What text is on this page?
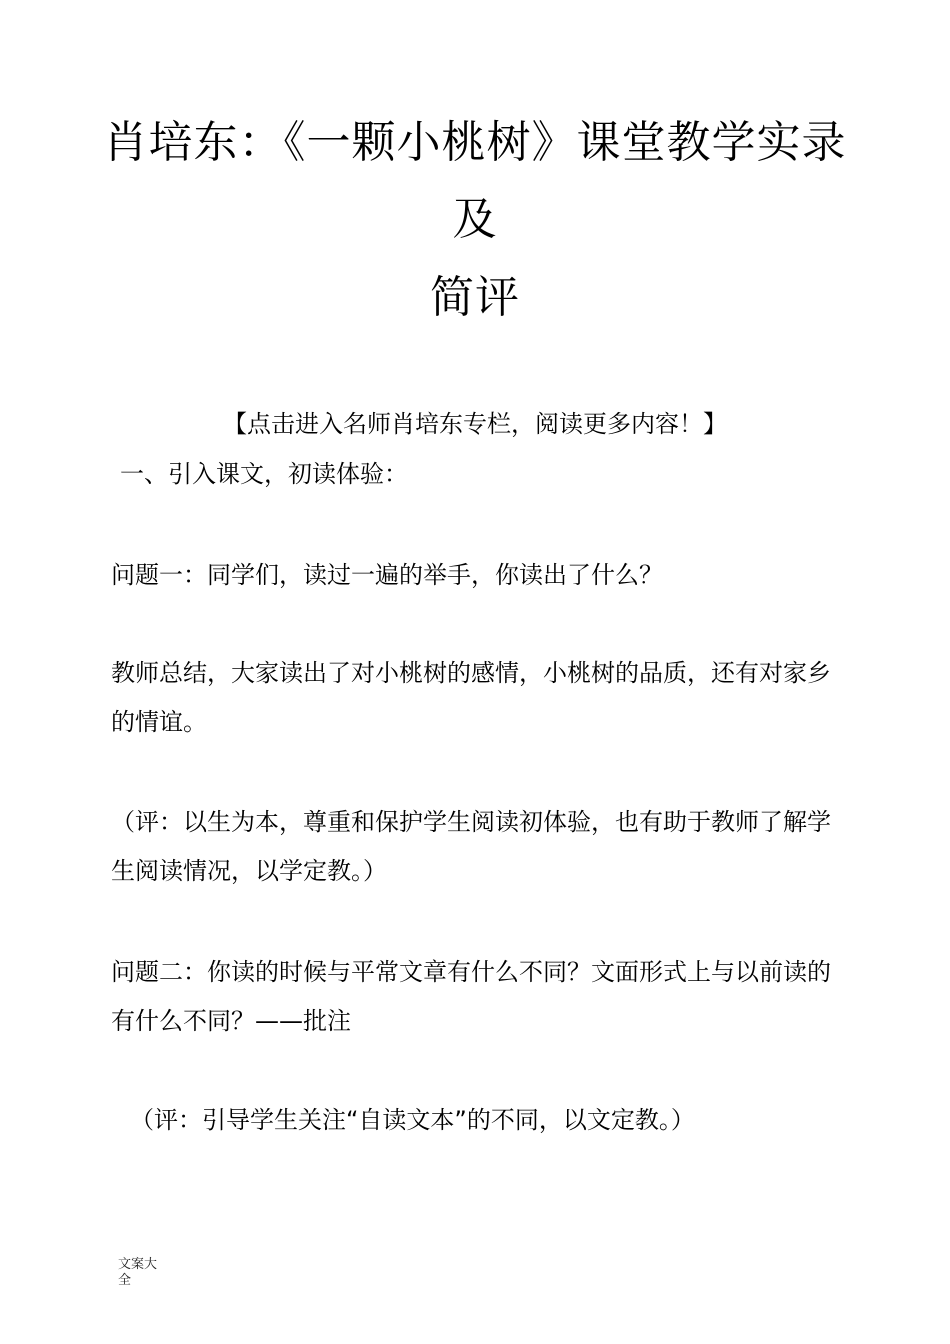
肖培东：《一颗小桃树》课堂教学实录
及
简评
【点击进入名师肖培东专栏，阅读更多内容！】
一、引入课文，初读体验：

问题一：同学们，读过一遍的举手，你读出了什么？

教师总结，大家读出了对小桃树的感情，小桃树的品质，还有对家乡的情谊。

（评：以生为本，尊重和保护学生阅读初体验，也有助于教师了解学生阅读情况，以学定教。）

问题二：你读的时候与平常文章有什么不同？文面形式上与以前读的有什么不同？——批注

（评：引导学生关注“自读文本”的不同，以文定教。）

文案大
全
